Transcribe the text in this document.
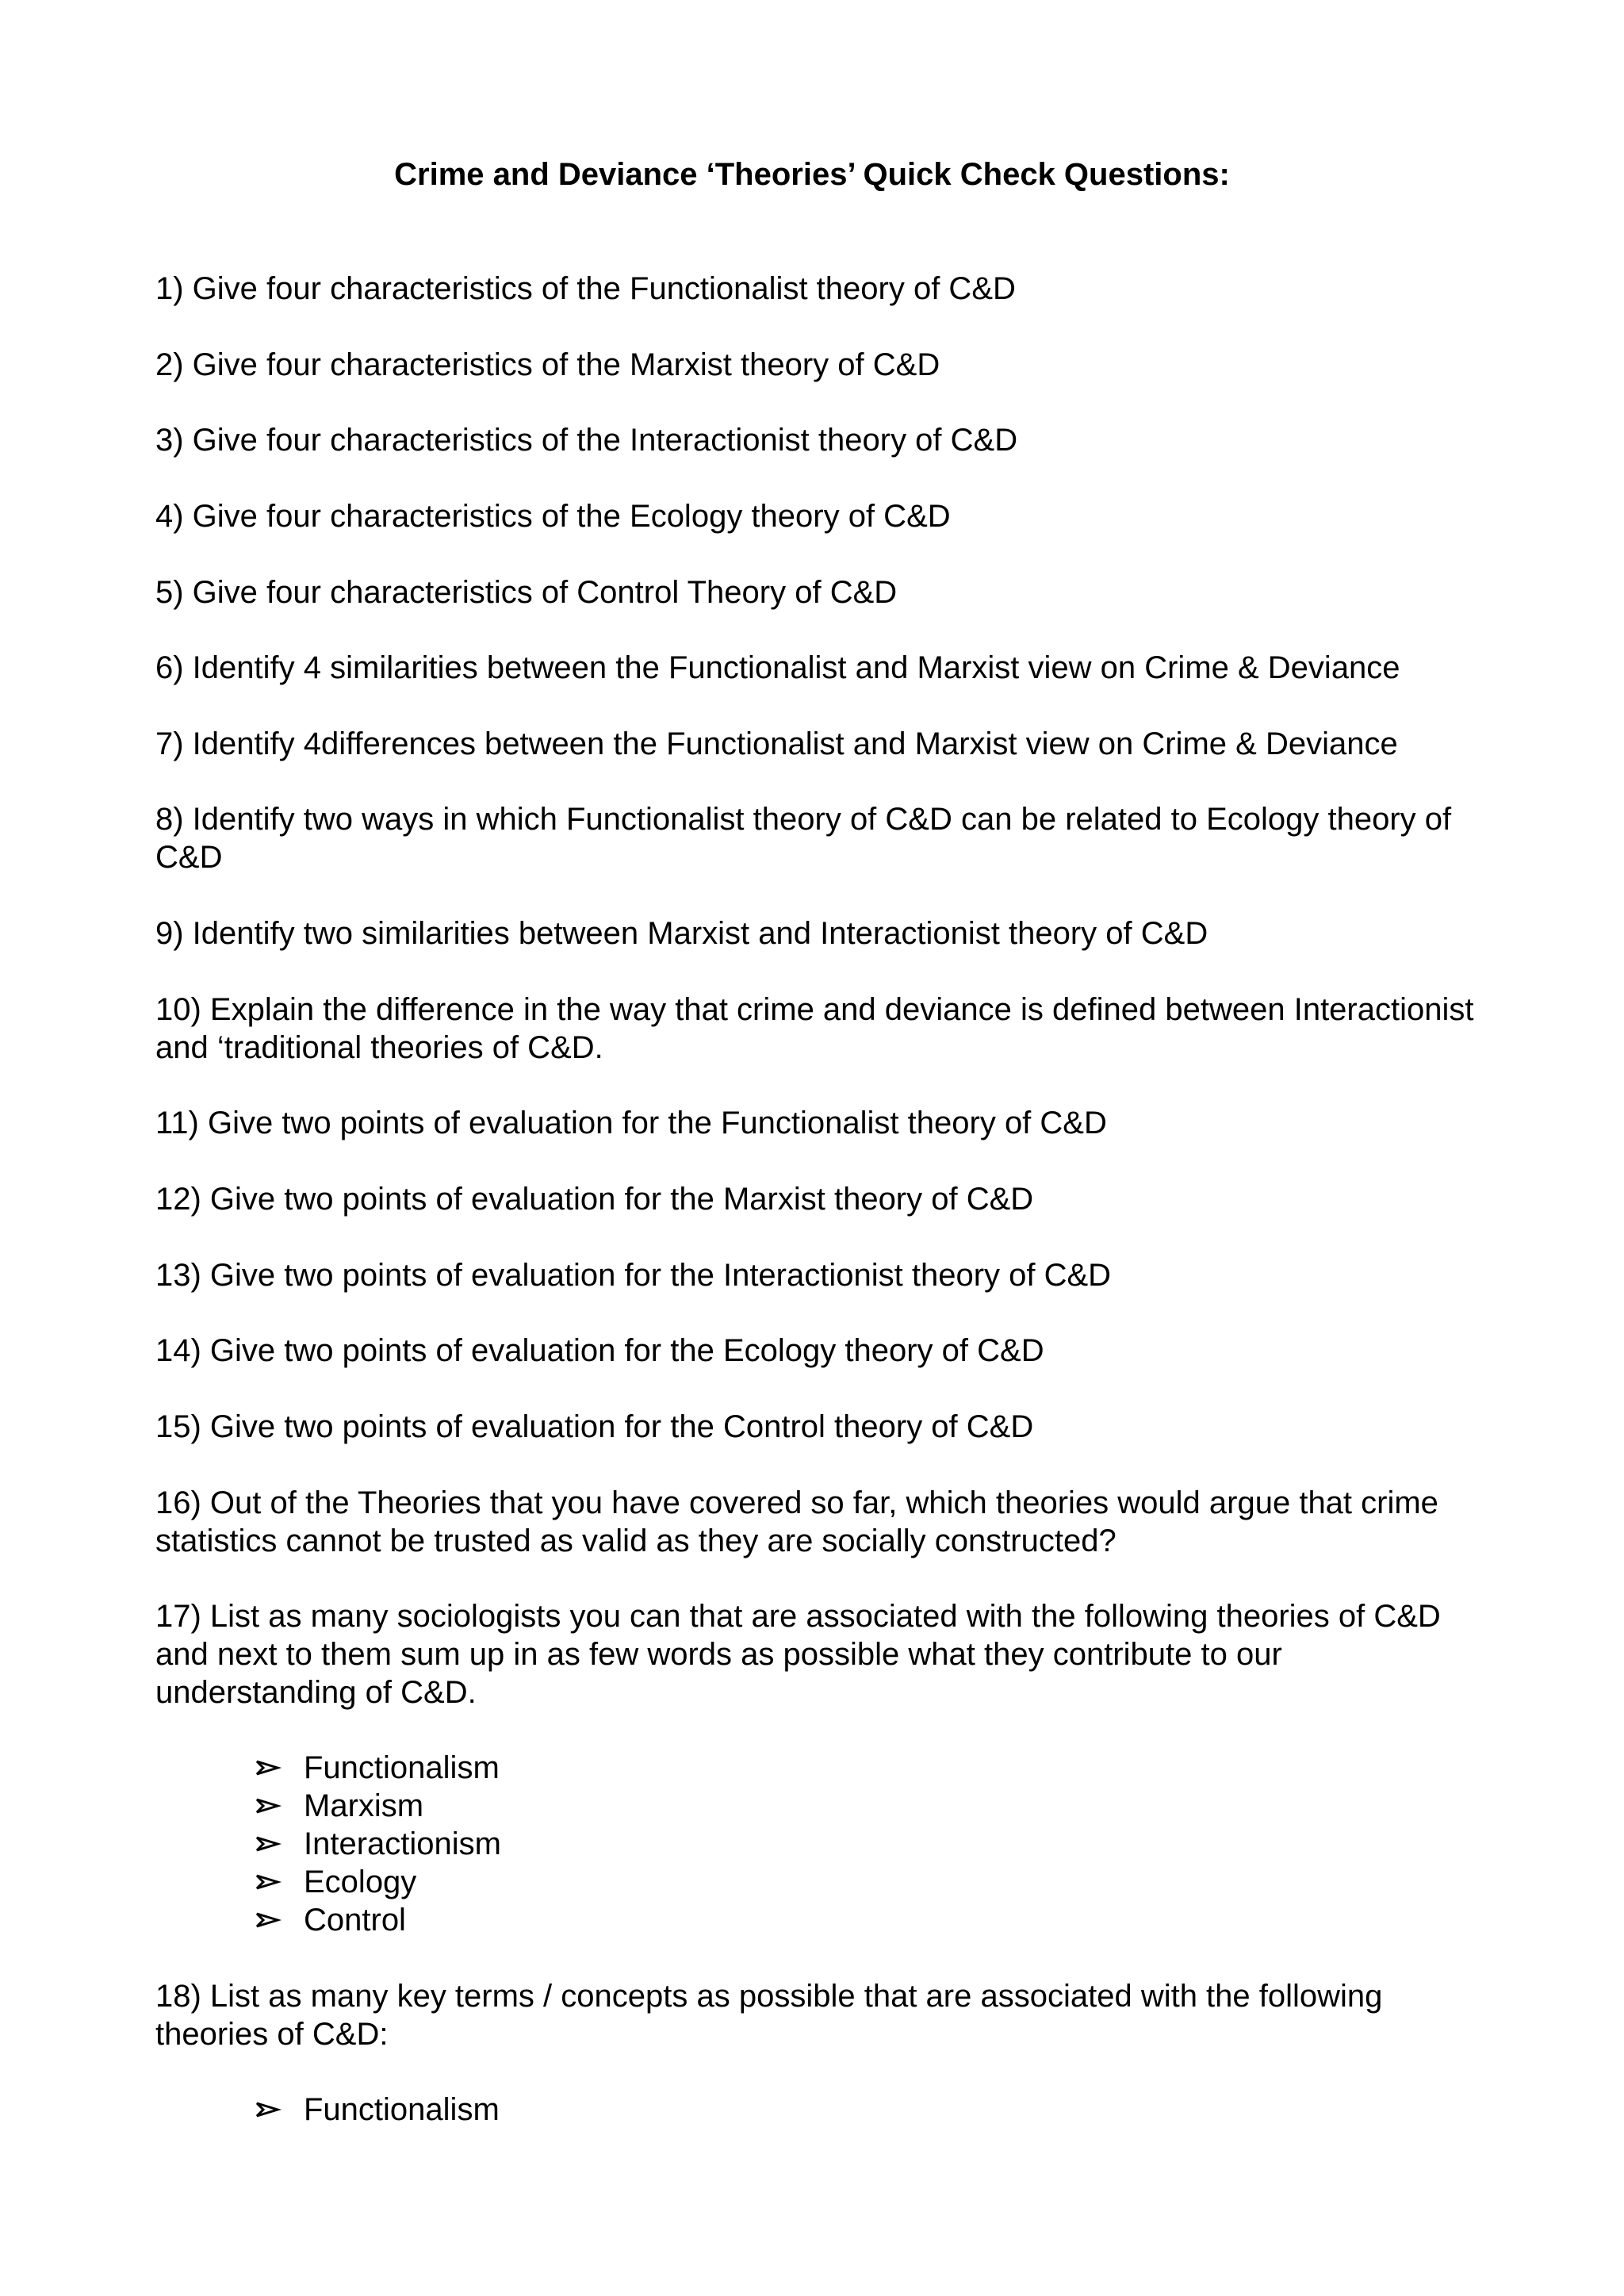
Crime and Deviance ‘Theories’ Quick Check Questions:

1) Give four characteristics of the Functionalist theory of C&D

2) Give four characteristics of the Marxist theory of C&D

3) Give four characteristics of the Interactionist theory of C&D

4) Give four characteristics of the Ecology theory of C&D

5) Give four characteristics of Control Theory of C&D

6) Identify 4 similarities between the Functionalist and Marxist view on Crime & Deviance

7) Identify 4differences between the Functionalist and Marxist view on Crime & Deviance

8) Identify two ways in which Functionalist theory of C&D can be related to Ecology theory of C&D

9) Identify two similarities between Marxist and Interactionist theory of C&D

10) Explain the difference in the way that crime and deviance is defined between Interactionist and ‘traditional theories of C&D.

11) Give two points of evaluation for the Functionalist theory of C&D

12) Give two points of evaluation for the Marxist theory of C&D

13) Give two points of evaluation for the Interactionist theory of C&D

14) Give two points of evaluation for the Ecology theory of C&D

15) Give two points of evaluation for the Control theory of C&D

16) Out of the Theories that you have covered so far, which theories would argue that crime statistics cannot be trusted as valid as they are socially constructed?

17) List as many sociologists you can that are associated with the following theories of C&D and next to them sum up in as few words as possible what they contribute to our understanding of C&D.

Functionalism
Marxism
Interactionism
Ecology
Control

18) List as many key terms / concepts as possible that are associated with the following theories of C&D:

Functionalism
